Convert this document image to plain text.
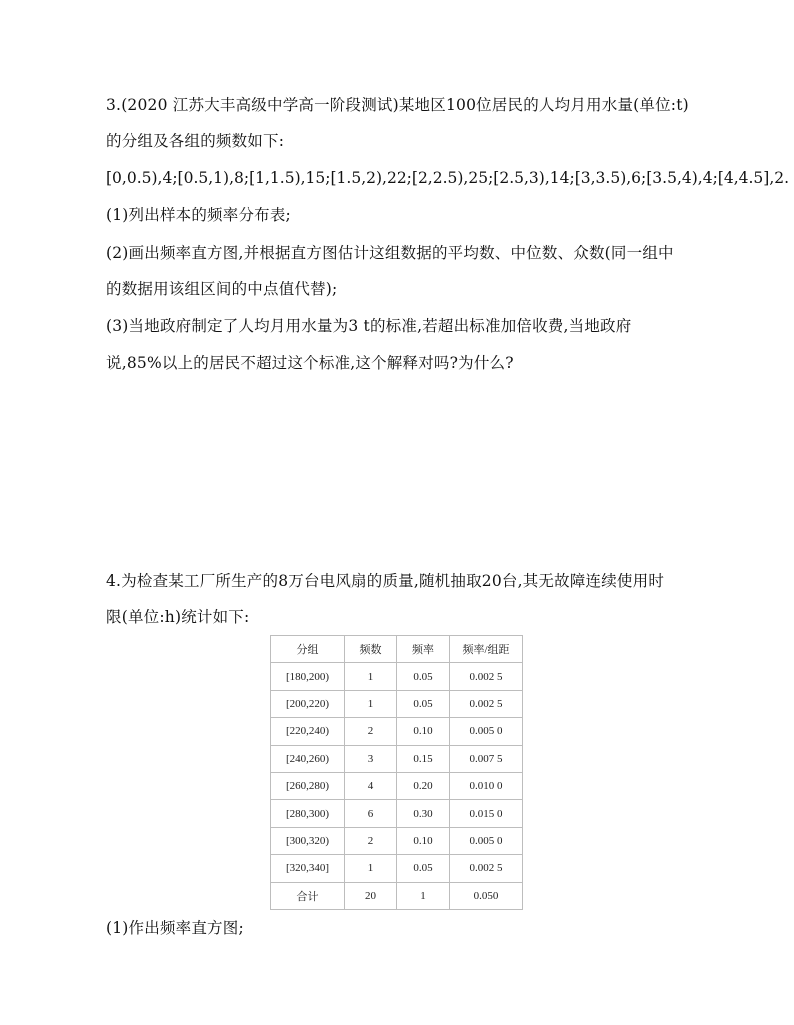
3.(2020 江苏大丰高级中学高一阶段测试)某地区100位居民的人均月用水量(单位:t)
的分组及各组的频数如下:
[0,0.5),4;[0.5,1),8;[1,1.5),15;[1.5,2),22;[2,2.5),25;[2.5,3),14;[3,3.5),6;[3.5,4),4;[4,4.5],2.
(1)列出样本的频率分布表;
(2)画出频率直方图,并根据直方图估计这组数据的平均数、中位数、众数(同一组中
的数据用该组区间的中点值代替);
(3)当地政府制定了人均月用水量为3 t的标准,若超出标准加倍收费,当地政府
说,85%以上的居民不超过这个标准,这个解释对吗?为什么?
4.为检查某工厂所生产的8万台电风扇的质量,随机抽取20台,其无故障连续使用时
限(单位:h)统计如下:
分组	频数	频率	频率/组距
[180,200)	1	0.05	0.002 5
[200,220)	1	0.05	0.002 5
[220,240)	2	0.10	0.005 0
[240,260)	3	0.15	0.007 5
[260,280)	4	0.20	0.010 0
[280,300)	6	0.30	0.015 0
[300,320)	2	0.10	0.005 0
[320,340]	1	0.05	0.002 5
合计	20	1	0.050
(1)作出频率直方图;
